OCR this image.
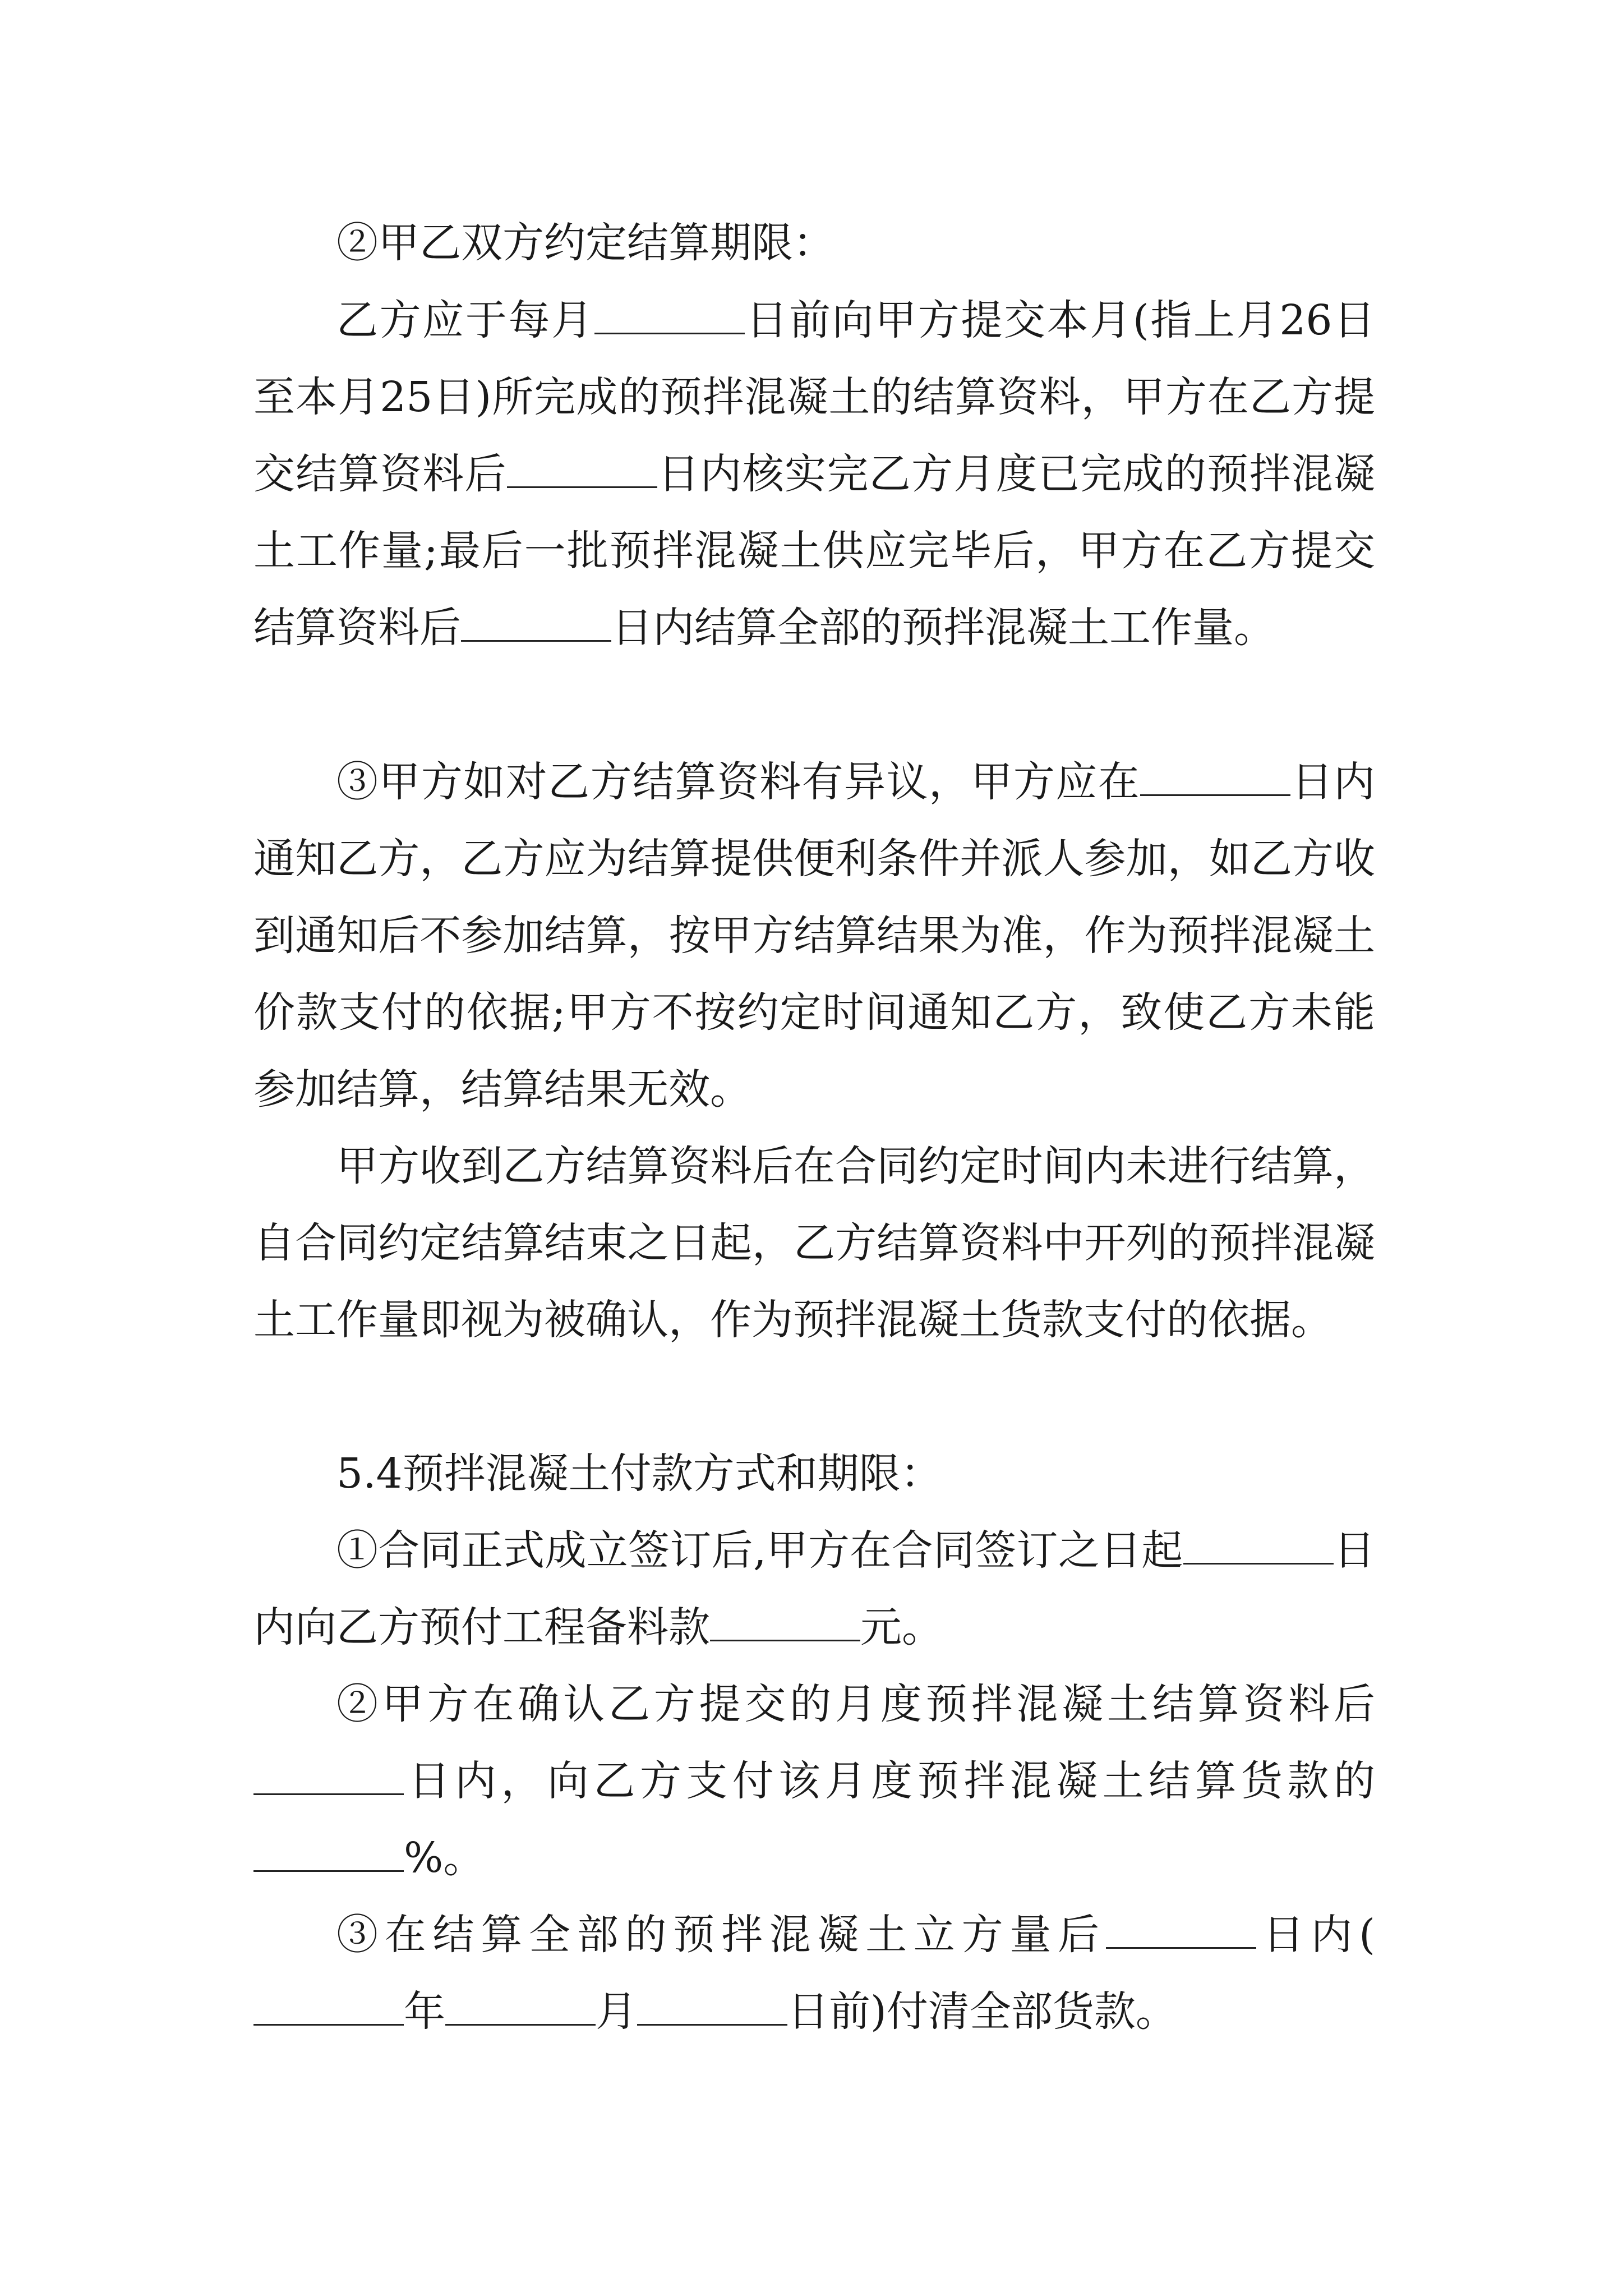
②甲乙双方约定结算期限：

乙方应于每月	日前向甲方提交本月(指上月26日至本月25日)所完成的预拌混凝土的结算资料，甲方在乙方提交结算资料后	日内核实完乙方月度已完成的预拌混凝土工作量;最后一批预拌混凝土供应完毕后，甲方在乙方提交结算资料后	日内结算全部的预拌混凝土工作量。

③甲方如对乙方结算资料有异议，甲方应在	日内通知乙方，乙方应为结算提供便利条件并派人参加，如乙方收到通知后不参加结算，按甲方结算结果为准，作为预拌混凝土价款支付的依据;甲方不按约定时间通知乙方，致使乙方未能参加结算，结算结果无效。

甲方收到乙方结算资料后在合同约定时间内未进行结算，自合同约定结算结束之日起，乙方结算资料中开列的预拌混凝土工作量即视为被确认，作为预拌混凝土货款支付的依据。

5.4预拌混凝土付款方式和期限：

①合同正式成立签订后,甲方在合同签订之日起	日内向乙方预付工程备料款	元。

②甲方在确认乙方提交的月度预拌混凝土结算资料后日内，向乙方支付该月度预拌混凝土结算货款的%。

③在结算全部的预拌混凝土立方量后	日内(年	月	日前)付清全部货款。
